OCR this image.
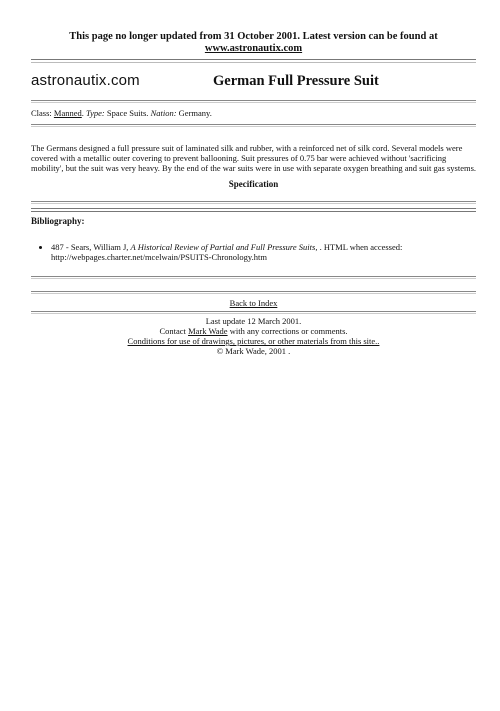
This page no longer updated from 31 October 2001. Latest version can be found at
www.astronautix.com
astronautix.com	German Full Pressure Suit
Class: Manned. Type: Space Suits. Nation: Germany.
The Germans designed a full pressure suit of laminated silk and rubber, with a reinforced net of silk cord. Several models were covered with a metallic outer covering to prevent ballooning. Suit pressures of 0.75 bar were achieved without 'sacrificing mobility', but the suit was very heavy. By the end of the war suits were in use with separate oxygen breathing and suit gas systems.
Specification
Bibliography:
• 487 - Sears, William J, A Historical Review of Partial and Full Pressure Suits, . HTML when accessed: http://webpages.charter.net/mcelwain/PSUITS-Chronology.htm
Back to Index
Last update 12 March 2001.
Contact Mark Wade with any corrections or comments.
Conditions for use of drawings, pictures, or other materials from this site..
© Mark Wade, 2001 .
